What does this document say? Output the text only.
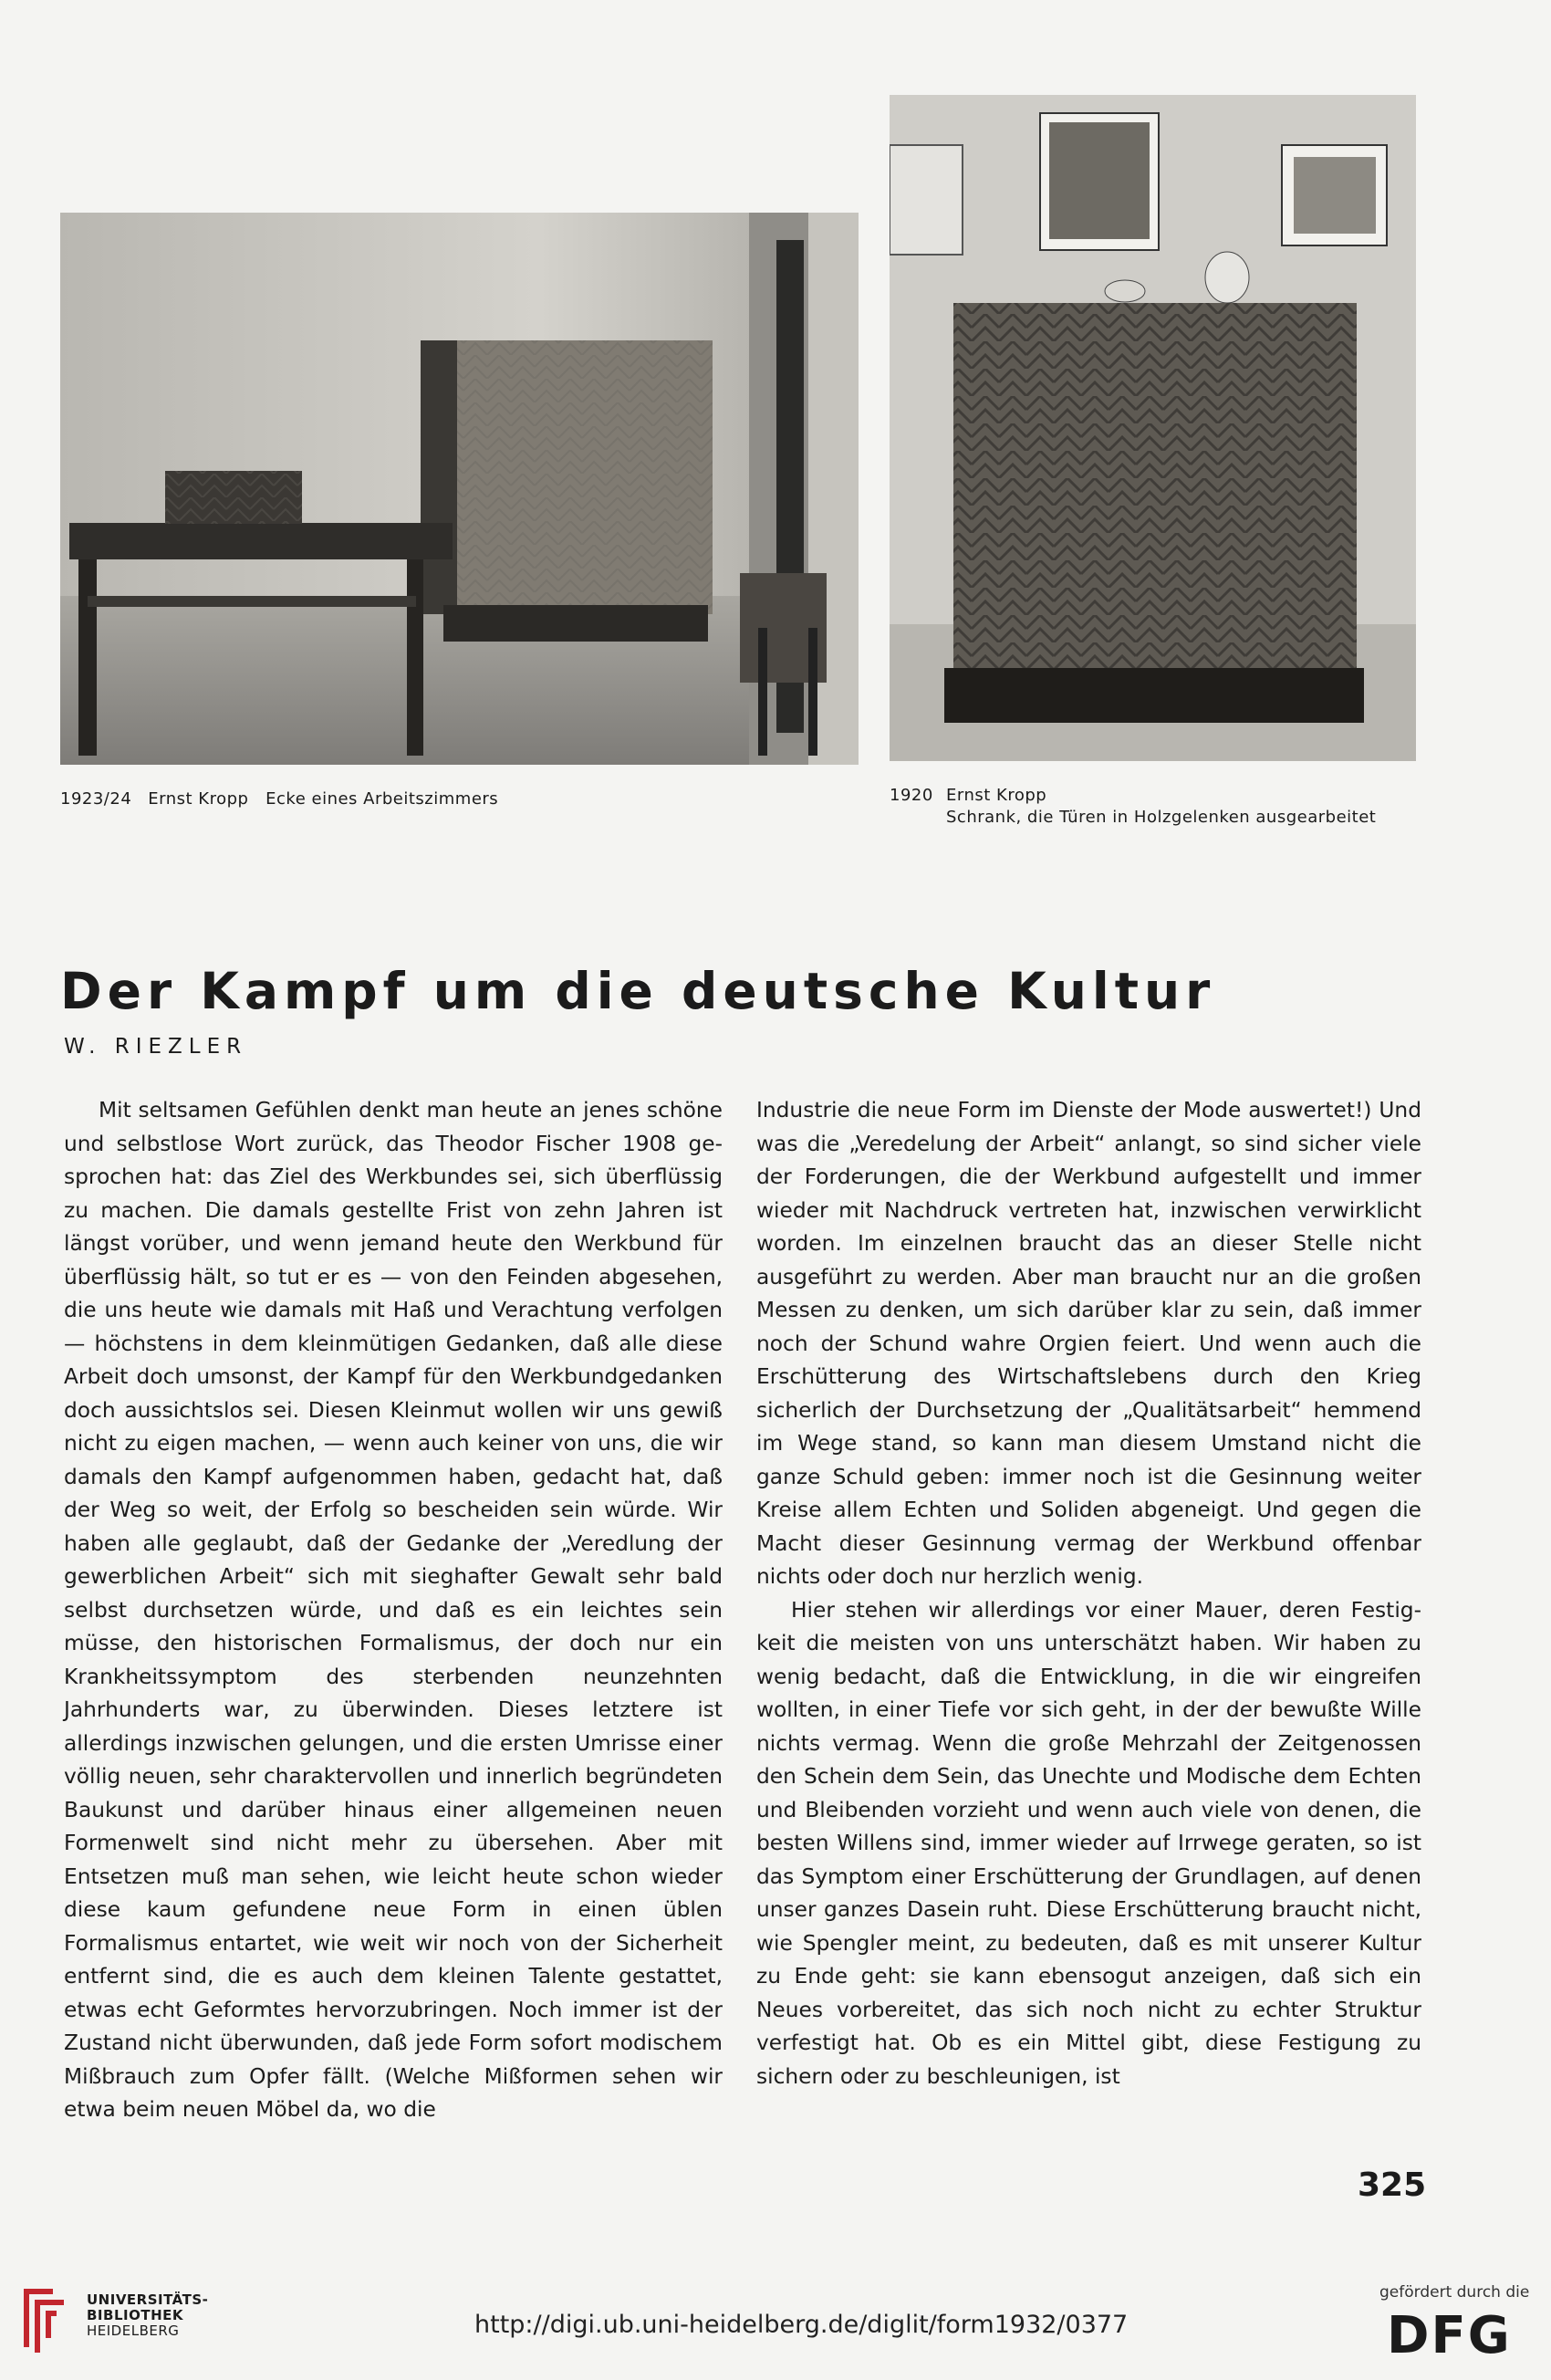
1923/24 Ernst Kropp   Ecke eines Arbeitszimmers	1920 Ernst Kropp
Schrank, die Türen in Holzgelenken ausgearbeitet
Der Kampf um die deutsche Kultur
W. RIEZLER

Mit seltsamen Gefühlen denkt man heute an jenes schöne und selbstlose Wort zurück, das Theodor Fischer 1908 gesprochen hat: das Ziel des Werkbundes sei, sich überflüssig zu machen. Die damals gestellte Frist von zehn Jahren ist längst vorüber, und wenn jemand heute den Werkbund für überflüssig hält, so tut er es — von den Feinden abgesehen, die uns heute wie damals mit Haß und Verachtung verfolgen — höchstens in dem kleinmütigen Gedanken, daß alle diese Arbeit doch umsonst, der Kampf für den Werkbundgedanken doch aussichtslos sei. Diesen Kleinmut wollen wir uns gewiß nicht zu eigen machen, — wenn auch keiner von uns, die wir damals den Kampf aufgenommen haben, gedacht hat, daß der Weg so weit, der Erfolg so bescheiden sein würde. Wir haben alle geglaubt, daß der Gedanke der „Veredlung der gewerblichen Arbeit“ sich mit sieghafter Gewalt sehr bald selbst durchsetzen würde, und daß es ein leichtes sein müsse, den historischen Formalismus, der doch nur ein Krankheitssymptom des sterbenden neunzehnten Jahrhunderts war, zu überwinden. Dieses letztere ist allerdings inzwischen gelungen, und die ersten Umrisse einer völlig neuen, sehr charaktervollen und innerlich begründeten Baukunst und darüber hinaus einer allgemeinen neuen Formenwelt sind nicht mehr zu übersehen. Aber mit Entsetzen muß man sehen, wie leicht heute schon wieder diese kaum gefundene neue Form in einen üblen Formalismus entartet, wie weit wir noch von der Sicherheit entfernt sind, die es auch dem kleinen Talente gestattet, etwas echt Geformtes hervorzubringen. Noch immer ist der Zustand nicht überwunden, daß jede Form sofort modischem Mißbrauch zum Opfer fällt. (Welche Mißformen sehen wir etwa beim neuen Möbel da, wo die

Industrie die neue Form im Dienste der Mode auswertet!) Und was die „Veredelung der Arbeit“ anlangt, so sind sicher viele der Forderungen, die der Werkbund aufgestellt und immer wieder mit Nachdruck vertreten hat, inzwischen verwirklicht worden. Im einzelnen braucht das an dieser Stelle nicht ausgeführt zu werden. Aber man braucht nur an die großen Messen zu denken, um sich darüber klar zu sein, daß immer noch der Schund wahre Orgien feiert. Und wenn auch die Erschütterung des Wirtschaftslebens durch den Krieg sicherlich der Durchsetzung der „Qualitätsarbeit“ hemmend im Wege stand, so kann man diesem Umstand nicht die ganze Schuld geben: immer noch ist die Gesinnung weiter Kreise allem Echten und Soliden abgeneigt. Und gegen die Macht dieser Gesinnung vermag der Werkbund offenbar nichts oder doch nur herzlich wenig.

Hier stehen wir allerdings vor einer Mauer, deren Festigkeit die meisten von uns unterschätzt haben. Wir haben zu wenig bedacht, daß die Entwicklung, in die wir eingreifen wollten, in einer Tiefe vor sich geht, in der der bewußte Wille nichts vermag. Wenn die große Mehrzahl der Zeitgenossen den Schein dem Sein, das Unechte und Modische dem Echten und Bleibenden vorzieht und wenn auch viele von denen, die besten Willens sind, immer wieder auf Irrwege geraten, so ist das Symptom einer Erschütterung der Grundlagen, auf denen unser ganzes Dasein ruht. Diese Erschütterung braucht nicht, wie Spengler meint, zu bedeuten, daß es mit unserer Kultur zu Ende geht: sie kann ebensogut anzeigen, daß sich ein Neues vorbereitet, das sich noch nicht zu echter Struktur verfestigt hat. Ob es ein Mittel gibt, diese Festigung zu sichern oder zu beschleunigen, ist

325
UNIVERSITÄTS-
BIBLIOTHEK
HEIDELBERG	http://digi.ub.uni-heidelberg.de/diglit/form1932/0377
gefördert durch die
DFG
